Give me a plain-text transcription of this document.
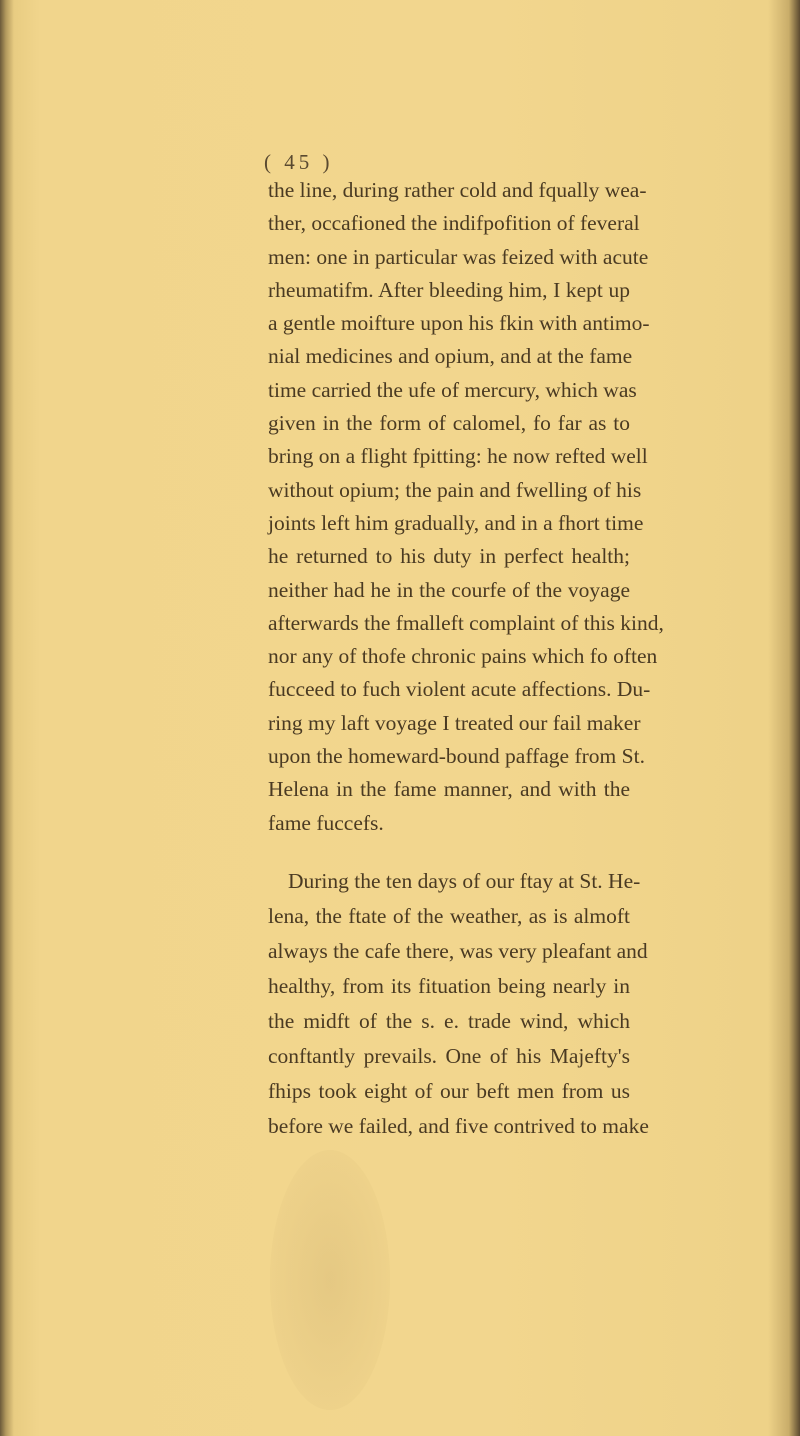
( 45 )
the line, during rather cold and fqually wea-
ther, occafioned the indifpofition of feveral
men: one in particular was feized with acute
rheumatifm. After bleeding him, I kept up
a gentle moifture upon his fkin with antimo-
nial medicines and opium, and at the fame
time carried the ufe of mercury, which was
given in the form of calomel, fo far as to
bring on a flight fpitting: he now refted well
without opium; the pain and fwelling of his
joints left him gradually, and in a fhort time
he returned to his duty in perfect health;
neither had he in the courfe of the voyage
afterwards the fmalleft complaint of this kind,
nor any of thofe chronic pains which fo often
fucceed to fuch violent acute affections. Du-
ring my laft voyage I treated our fail maker
upon the homeward-bound paffage from St.
Helena in the fame manner, and with the
fame fuccefs.
During the ten days of our ftay at St. He-
lena, the ftate of the weather, as is almoft
always the cafe there, was very pleafant and
healthy, from its fituation being nearly in
the midft of the s. e. trade wind, which
conftantly prevails. One of his Majefty's
fhips took eight of our beft men from us
before we failed, and five contrived to make
